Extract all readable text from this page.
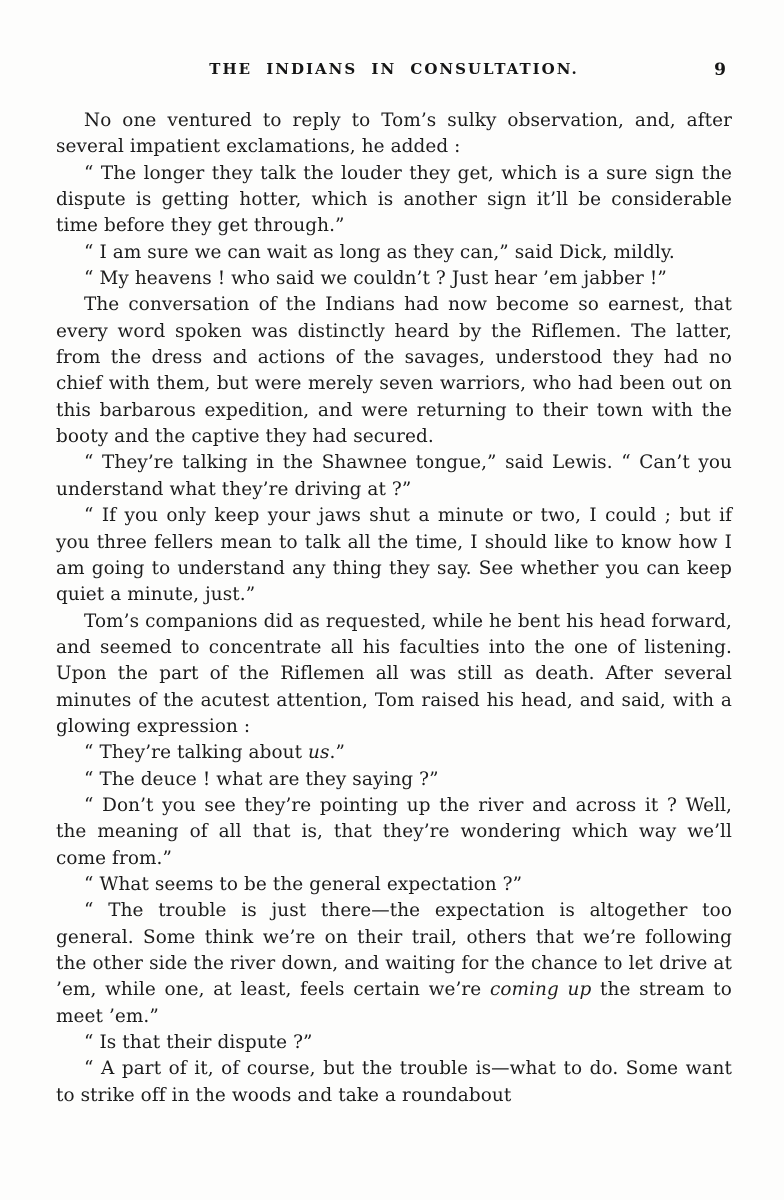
THE INDIANS IN CONSULTATION.	9

No one ventured to reply to Tom’s sulky observation, and, after several impatient exclamations, he added :

“ The longer they talk the louder they get, which is a sure sign the dispute is getting hotter, which is another sign it’ll be considerable time before they get through.”

“ I am sure we can wait as long as they can,” said Dick, mildly.

“ My heavens ! who said we couldn’t ? Just hear ’em jabber !”

The conversation of the Indians had now become so earnest, that every word spoken was distinctly heard by the Riflemen. The latter, from the dress and actions of the savages, understood they had no chief with them, but were merely seven warriors, who had been out on this barbarous expedition, and were returning to their town with the booty and the captive they had secured.

“ They’re talking in the Shawnee tongue,” said Lewis. “ Can’t you understand what they’re driving at ?”

“ If you only keep your jaws shut a minute or two, I could ; but if you three fellers mean to talk all the time, I should like to know how I am going to understand any thing they say. See whether you can keep quiet a minute, just.”

Tom’s companions did as requested, while he bent his head forward, and seemed to concentrate all his faculties into the one of listening. Upon the part of the Riflemen all was still as death. After several minutes of the acutest attention, Tom raised his head, and said, with a glowing expression :

“ They’re talking about us.”

“ The deuce ! what are they saying ?”

“ Don’t you see they’re pointing up the river and across it ? Well, the meaning of all that is, that they’re wondering which way we’ll come from.”

“ What seems to be the general expectation ?”

“ The trouble is just there—the expectation is altogether too general. Some think we’re on their trail, others that we’re following the other side the river down, and waiting for the chance to let drive at ’em, while one, at least, feels certain we’re coming up the stream to meet ’em.”

“ Is that their dispute ?”

“ A part of it, of course, but the trouble is—what to do. Some want to strike off in the woods and take a roundabout
